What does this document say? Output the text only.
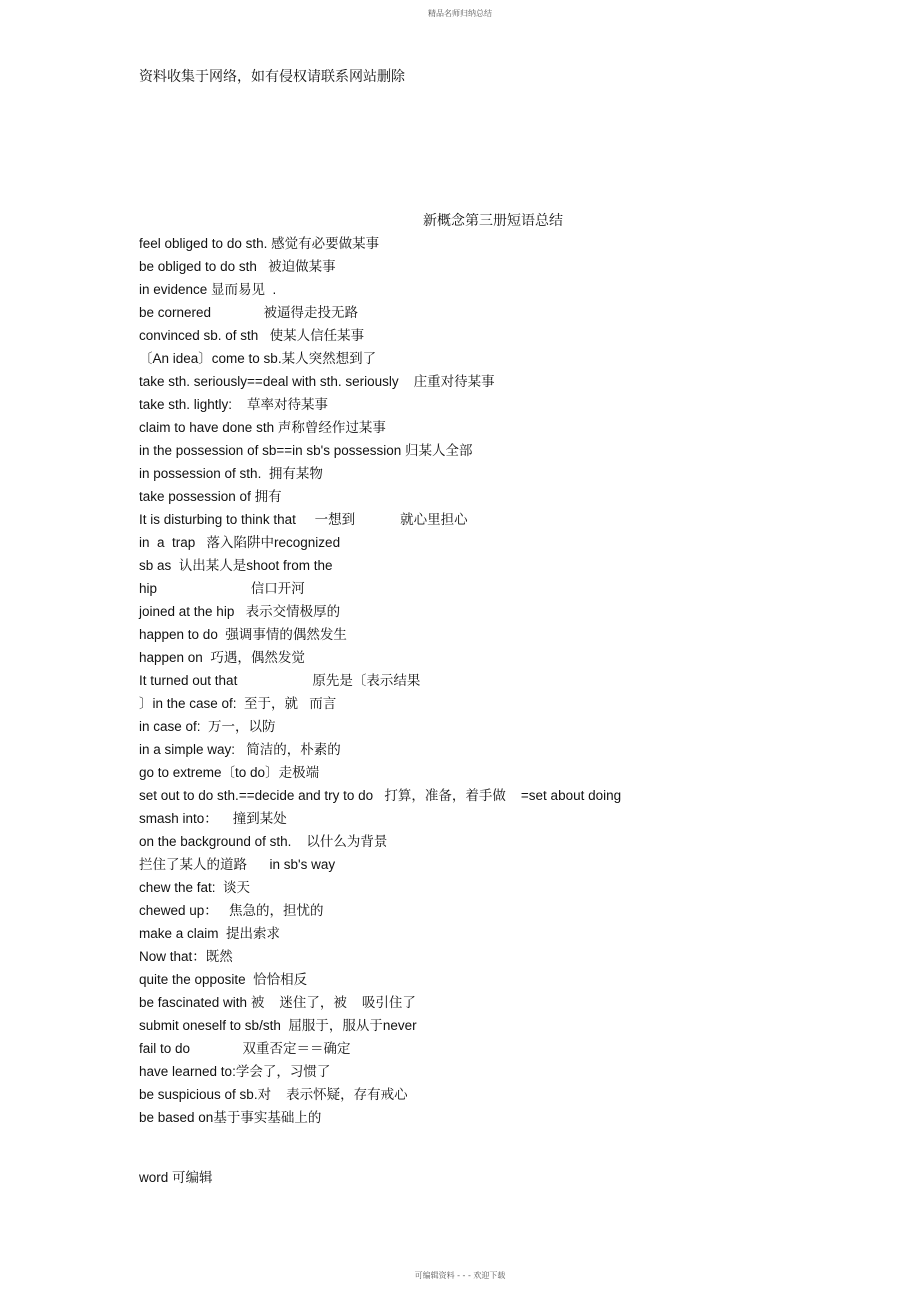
精品名师归纳总结
资料收集于网络，如有侵权请联系网站删除
新概念第三册短语总结
feel obliged to do sth. 感觉有必要做某事
be obliged to do sth   被迫做某事
in evidence 显而易见  .
be cornered              被逼得走投无路
convinced sb. of sth   使某人信任某事
〔An idea〕come to sb.某人突然想到了
take sth. seriously==deal with sth. seriously    庄重对待某事
take sth. lightly:    草率对待某事
claim to have done sth 声称曾经作过某事
in the possession of sb==in sb's possession 归某人全部
in possession of sth.  拥有某物
take possession of 拥有
It is disturbing to think that     一想到            就心里担心
in  a  trap   落入陷阱中recognized
sb as  认出某人是shoot from the
hip                         信口开河
joined at the hip   表示交情极厚的
happen to do  强调事情的偶然发生
happen on  巧遇，偶然发觉
It turned out that                    原先是〔表示结果
〕in the case of:  至于，就   而言
in case of:  万一，以防
in a simple way:   简洁的，朴素的
go to extreme〔to do〕走极端
set out to do sth.==decide and try to do   打算，准备，着手做    =set about doing
smash into：    撞到某处
on the background of sth.    以什么为背景
拦住了某人的道路      in sb's way
chew the fat:  谈天
chewed up：   焦急的，担忧的
make a claim  提出索求
Now that：既然
quite the opposite  恰恰相反
be fascinated with 被    迷住了，被    吸引住了
submit oneself to sb/sth  屈服于，服从于never
fail to do              双重否定＝＝确定
have learned to:学会了，习惯了
be suspicious of sb.对    表示怀疑，存有戒心
be based on基于事实基础上的
word 可编辑
可编辑资料 - - - 欢迎下载
